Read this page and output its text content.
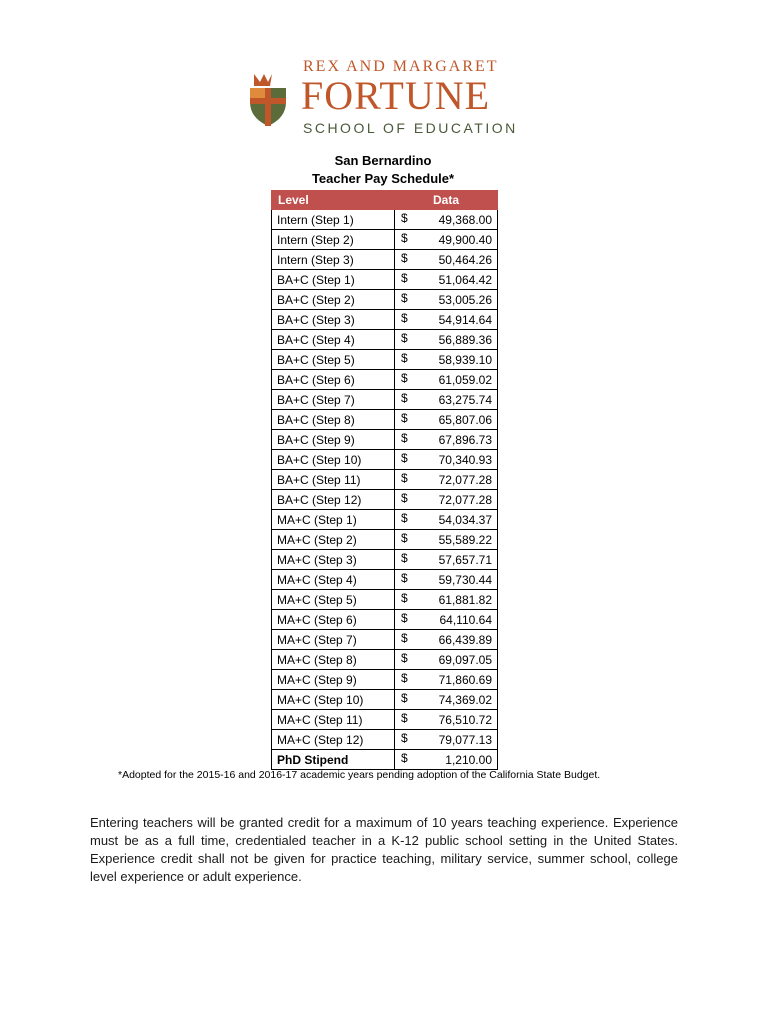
REX AND MARGARET
FORTUNE
SCHOOL OF EDUCATION
San Bernardino
Teacher Pay Schedule*
Level	Data
Intern (Step 1)	$ 49,368.00

Intern (Step 2)	$ 49,900.40

Intern (Step 3)	$ 50,464.26

BA+C (Step 1)	$ 51,064.42

BA+C (Step 2)	$ 53,005.26

BA+C (Step 3)	$ 54,914.64

BA+C (Step 4)	$ 56,889.36

BA+C (Step 5)	$ 58,939.10

BA+C (Step 6)	$ 61,059.02

BA+C (Step 7)	$ 63,275.74

BA+C (Step 8)	$ 65,807.06

BA+C (Step 9)	$ 67,896.73

BA+C (Step 10)	$ 70,340.93

BA+C (Step 11)	$ 72,077.28

BA+C (Step 12)	$ 72,077.28

MA+C (Step 1)	$ 54,034.37

MA+C (Step 2)	$ 55,589.22

MA+C (Step 3)	$ 57,657.71

MA+C (Step 4)	$ 59,730.44

MA+C (Step 5)	$ 61,881.82

MA+C (Step 6)	$ 64,110.64

MA+C (Step 7)	$ 66,439.89

MA+C (Step 8)	$ 69,097.05

MA+C (Step 9)	$ 71,860.69

MA+C (Step 10)	$ 74,369.02

MA+C (Step 11)	$ 76,510.72

MA+C (Step 12)	$ 79,077.13

PhD Stipend	$ 1,210.00
*Adopted for the 2015-16 and 2016-17 academic years pending adoption of the California State Budget.
Entering teachers will be granted credit for a maximum of 10 years teaching experience. Experience must be as a full time, credentialed teacher in a K-12 public school setting in the United States. Experience credit shall not be given for practice teaching, military service, summer school, college level experience or adult experience.
